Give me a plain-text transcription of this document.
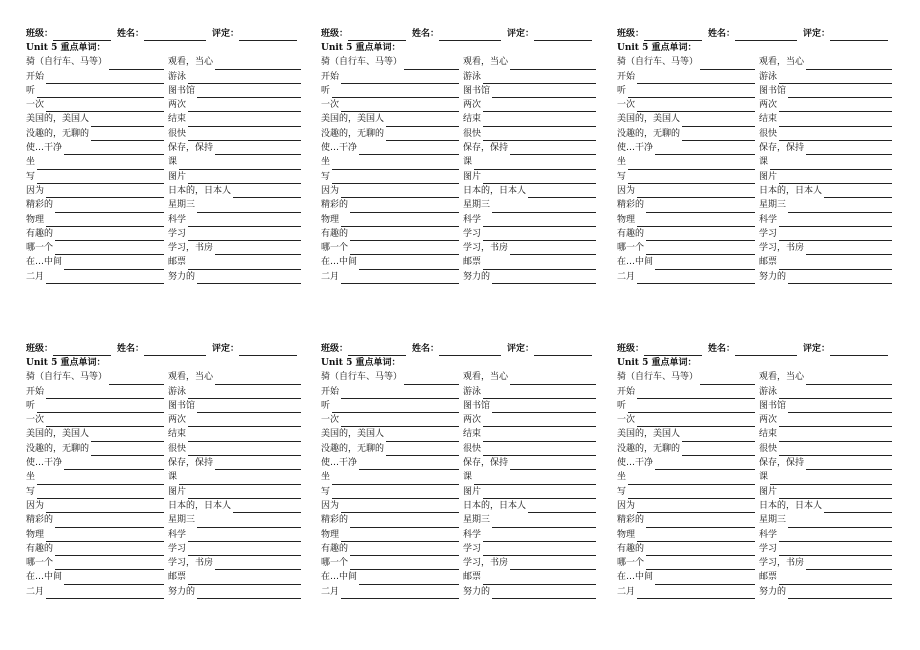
班级：	姓名：	评定：
Unit 5 重点单词：
骑（自行车、马等）	观看，当心
开始	游泳
听	图书馆
一次	两次
美国的，美国人	结束
没趣的，无聊的	很快
使…干净	保存，保持
坐	课
写	图片
因为	日本的，日本人
精彩的	星期三
物理	科学
有趣的	学习
哪一个	学习，书房
在…中间	邮票
二月	努力的
班级：	姓名：	评定：
Unit 5 重点单词：
骑（自行车、马等）	观看，当心
开始	游泳
听	图书馆
一次	两次
美国的，美国人	结束
没趣的，无聊的	很快
使…干净	保存，保持
坐	课
写	图片
因为	日本的，日本人
精彩的	星期三
物理	科学
有趣的	学习
哪一个	学习，书房
在…中间	邮票
二月	努力的
班级：	姓名：	评定：
Unit 5 重点单词：
骑（自行车、马等）	观看，当心
开始	游泳
听	图书馆
一次	两次
美国的，美国人	结束
没趣的，无聊的	很快
使…干净	保存，保持
坐	课
写	图片
因为	日本的，日本人
精彩的	星期三
物理	科学
有趣的	学习
哪一个	学习，书房
在…中间	邮票
二月	努力的
班级：	姓名：	评定：
Unit 5 重点单词：
骑（自行车、马等）	观看，当心
开始	游泳
听	图书馆
一次	两次
美国的，美国人	结束
没趣的，无聊的	很快
使…干净	保存，保持
坐	课
写	图片
因为	日本的，日本人
精彩的	星期三
物理	科学
有趣的	学习
哪一个	学习，书房
在…中间	邮票
二月	努力的
班级：	姓名：	评定：
Unit 5 重点单词：
骑（自行车、马等）	观看，当心
开始	游泳
听	图书馆
一次	两次
美国的，美国人	结束
没趣的，无聊的	很快
使…干净	保存，保持
坐	课
写	图片
因为	日本的，日本人
精彩的	星期三
物理	科学
有趣的	学习
哪一个	学习，书房
在…中间	邮票
二月	努力的
班级：	姓名：	评定：
Unit 5 重点单词：
骑（自行车、马等）	观看，当心
开始	游泳
听	图书馆
一次	两次
美国的，美国人	结束
没趣的，无聊的	很快
使…干净	保存，保持
坐	课
写	图片
因为	日本的，日本人
精彩的	星期三
物理	科学
有趣的	学习
哪一个	学习，书房
在…中间	邮票
二月	努力的
